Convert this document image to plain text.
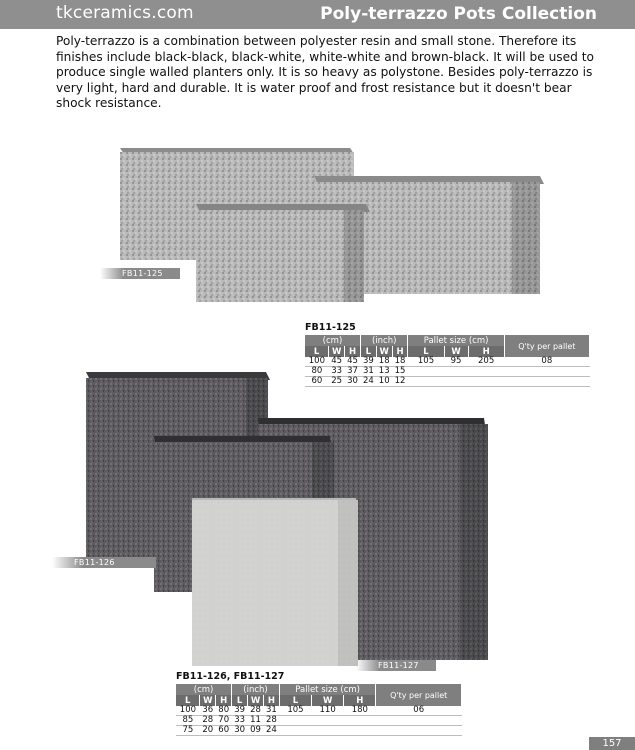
tkceramics.com	Poly-terrazzo Pots Collection

Poly-terrazzo is a combination between polyester resin and small stone. Therefore its finishes include black-black, black-white, white-white and brown-black. It will be used to produce single walled planters only. It is so heavy as polystone. Besides poly-terrazzo is very light, hard and durable. It is water proof and frost resistance but it doesn't bear shock resistance.

FB11-125
FB11-125
(cm)			(inch)			Pallet size (cm)			Q'ty per pallet
L	W	H	L	W	H	L	W	H	
100	45	45	39	18	18	105	95	205	08
80	33	37	31	13	15				
60	25	30	24	10	12				
FB11-126
FB11-127
FB11-126, FB11-127
(cm)			(inch)			Pallet size (cm)			Q'ty per pallet
L	W	H	L	W	H	L	W	H	
100	36	80	39	28	31	105	110	180	06
85	28	70	33	11	28				
75	20	60	30	09	24				
157
